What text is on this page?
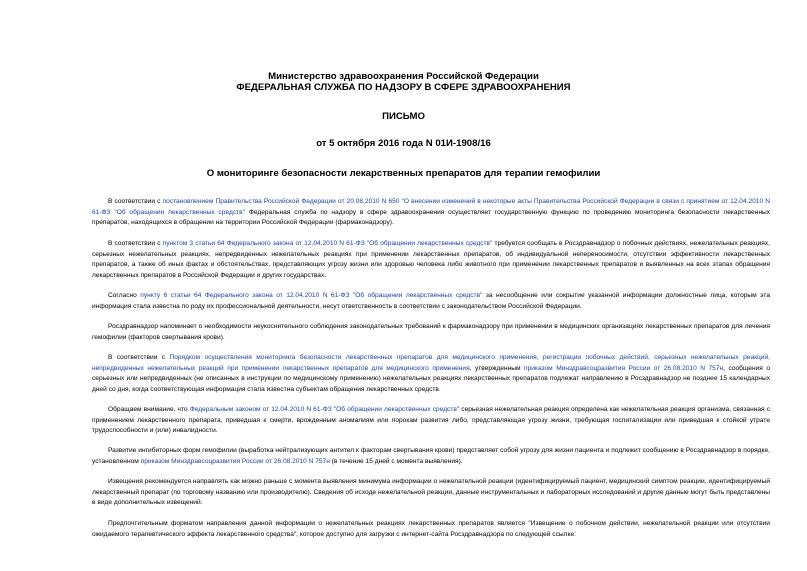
Министерство здравоохранения Российской Федерации
ФЕДЕРАЛЬНАЯ СЛУЖБА ПО НАДЗОРУ В СФЕРЕ ЗДРАВООХРАНЕНИЯ
ПИСЬМО
от 5 октября 2016 года N 01И-1908/16
О мониторинге безопасности лекарственных препаратов для терапии гемофилии

В соответствии с постановлением Правительства Российской Федерации от 20.08.2010 N 650 "О внесении изменений в некоторые акты Правительства Российской Федерации в связи с принятием от 12.04.2010 N 61-ФЗ "Об обращении лекарственных средств" Федеральная служба по надзору в сфере здравоохранения осуществляет государственную функцию по проведению мониторинга безопасности лекарственных препаратов, находящихся в обращении на территории Российской Федерации (фармаконадзору).

В соответствии с пунктом 3 статьи 64 Федерального закона от 12.04.2010 N 61-ФЗ "Об обращении лекарственных средств" требуется сообщать в Росздравнадзор о побочных действиях, нежелательных реакциях, серьезных нежелательных реакциях, непредвиденных нежелательных реакциях при применении лекарственных препаратов, об индивидуальной непереносимости, отсутствии эффективности лекарственных препаратов, а также об иных фактах и обстоятельствах, представляющих угрозу жизни или здоровью человека либо животного при применении лекарственных препаратов и выявленных на всех этапах обращения лекарственных препаратов в Российской Федерации и других государствах.

Согласно пункту 6 статьи 64 Федерального закона от 12.04.2010 N 61-ФЗ "Об обращении лекарственных средств" за несообщение или сокрытие указанной информации должностные лица, которым эта информация стала известна по роду их профессиональной деятельности, несут ответственность в соответствии с законодательством Российской Федерации.

Росздравнадзор напоминает о необходимости неукоснительного соблюдения законодательных требований к фармаконадзору при применении в медицинских организациях лекарственных препаратов для лечения гемофилии (факторов свертывания крови).

В соответствии с Порядком осуществления мониторинга безопасности лекарственных препаратов для медицинского применения, регистрации побочных действий, серьезных нежелательных реакций, непредвиденных нежелательных реакций при применении лекарственных препаратов для медицинского применения, утвержденным приказом Минздравсоцразвития России от 26.08.2010 N 757н, сообщения о серьезных или непредвиденных (не описанных в инструкции по медицинскому применению) нежелательных реакциях лекарственных препаратов подлежат направлению в Росздравнадзор не позднее 15 календарных дней со дня, когда соответствующая информация стала известна субъектам обращения лекарственных средств.

Обращаем внимание, что Федеральным законом от 12.04.2010 N 61-ФЗ "Об обращении лекарственных средств" серьезная нежелательная реакция определена как нежелательная реакция организма, связанная с применением лекарственного препарата, приведшая к смерти, врожденным аномалиям или порокам развития либо, представляющая угрозу жизни, требующая госпитализации или приведшая к стойкой утрате трудоспособности и (или) инвалидности.

Развитие ингибиторных форм гемофилии (выработка нейтрализующих антител к факторам свертывания крови) представляет собой угрозу для жизни пациента и подлежит сообщению в Росздравнадзор в порядке, установленном приказом Минздравсоцразвития России от 26.08.2010 N 757н (в течение 15 дней с момента выявления).

Извещения рекомендуется направлять как можно раньше с момента выявления минимума информации о нежелательной реакции (идентифицируемый пациент, медицинский симптом реакции, идентифицируемый лекарственный препарат (по торговому названию или производителю). Сведения об исходе нежелательной реакции, данные инструментальных и лабораторных исследований и другие данные могут быть представлены в виде дополнительных извещений.

Предпочтительным форматом направления данной информации о нежелательных реакциях лекарственных препаратов является "Извещение о побочном действии, нежелательной реакции или отсутствии ожидаемого терапевтического эффекта лекарственного средства", которое доступно для загрузки с интернет-сайта Росздравнадзора по следующей ссылке:
